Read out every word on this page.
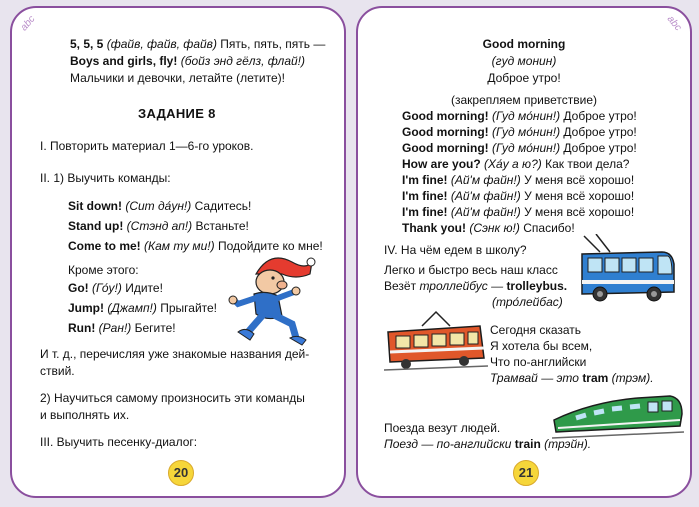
abc
5, 5, 5 (файв, файв, файв) Пять, пять, пять —
Boys and girls, fly! (бойз энд гёлз, флай!)
Мальчики и девочки, летайте (летите)!
ЗАДАНИЕ 8
I. Повторить материал 1—6-го уроков.
II. 1) Выучить команды:
Sit down! (Сит да́ун!) Садитесь!
Stand up! (Стэнд ап!) Встаньте!
Come to me! (Кам ту ми!) Подойдите ко мне!
Кроме этого:
Go! (Го́у!) Идите!
Jump! (Джамп!) Прыгайте!
Run! (Ран!) Бегите!
И т. д., перечисляя уже знакомые названия дей-
ствий.
2) Научиться самому произносить эти команды
и выполнять их.
III. Выучить песенку-диалог:
20
abc
Good morning
(гуд монин)
Доброе утро!
(закрепляем приветствие)
Good morning! (Гуд мо́нин!) Доброе утро!
Good morning! (Гуд мо́нин!) Доброе утро!
Good morning! (Гуд мо́нин!) Доброе утро!
How are you? (Ха́у а ю?) Как твои дела?
I'm fine! (Ай'м файн!) У меня всё хорошо!
I'm fine! (Ай'м файн!) У меня всё хорошо!
I'm fine! (Ай'м файн!) У меня всё хорошо!
Thank you! (Сэнк ю!) Спасибо!
IV. На чём едем в школу?
Легко и быстро весь наш класс
Везёт троллейбус — trolleybus.
(тро́лейбас)
Сегодня сказать
Я хотела бы всем,
Что по-английски
Трамвай — это tram (трэм).
Поезда везут людей.
Поезд — по-английски train (трэйн).
21
